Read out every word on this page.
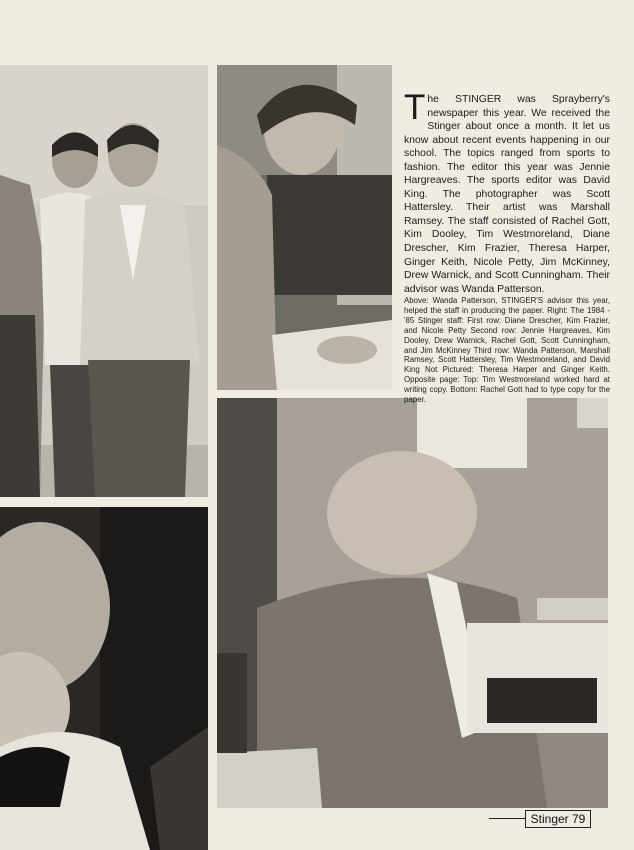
The STINGER was Sprayberry's newspaper this year. We received the Stinger about once a month. It let us know about recent events happening in our school. The topics ranged from sports to fashion. The editor this year was Jennie Hargreaves. The sports editor was David King. The photographer was Scott Hattersley. Their artist was Marshall Ramsey. The staff consisted of Rachel Gott, Kim Dooley, Tim Westmoreland, Diane Drescher, Kim Frazier, Theresa Harper, Ginger Keith, Nicole Petty, Jim McKinney, Drew Warnick, and Scott Cunningham. Their advisor was Wanda Patterson.
Above: Wanda Patterson, STINGER'S advisor this year, helped the staff in producing the paper. Right: The 1984 - '85 Stinger staff: First row: Diane Drescher, Kim Frazier, and Nicole Petty Second row: Jennie Hargreaves, Kim Dooley, Drew Warnick, Rachel Gott, Scott Cunningham, and Jim McKinney Third row: Wanda Patterson, Marshall Ramsey, Scott Hattersley, Tim Westmoreland, and David King Not Pictured: Theresa Harper and Ginger Keith. Opposite page: Top: Tim Westmoreland worked hard at writing copy. Bottom: Rachel Gott had to type copy for the paper.
Stinger 79
